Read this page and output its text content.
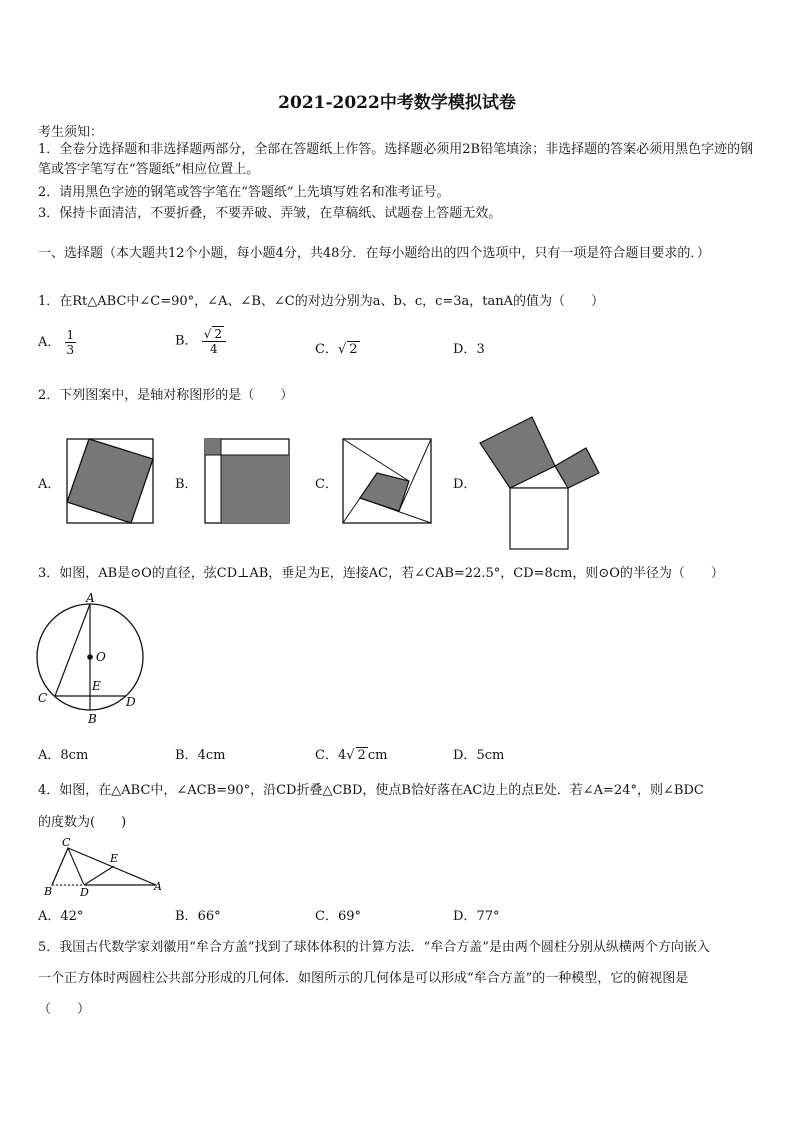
2021-2022中考数学模拟试卷
考生须知：
1．全卷分选择题和非选择题两部分，全部在答题纸上作答。选择题必须用2B铅笔填涂；非选择题的答案必须用黑色字迹的钢笔或答字笔写在“答题纸”相应位置上。
2．请用黑色字迹的钢笔或答字笔在“答题纸”上先填写姓名和准考证号。
3．保持卡面清洁，不要折叠，不要弄破、弄皱，在草稿纸、试题卷上答题无效。
一、选择题（本大题共12个小题，每小题4分，共48分．在每小题给出的四个选项中，只有一项是符合题目要求的．）
1．在Rt△ABC中∠C=90°，∠A、∠B、∠C的对边分别为a、b、c，c=3a，tanA的值为（　　）
A． $\frac{1}{3}$	B． $\frac{√ 2}{4}$	C．√ 2	D．3
2．下列图案中，是轴对称图形的是（　　）
A．	B．	C．	D．
3．如图，AB是⊙O的直径，弦CD⊥AB，垂足为E，连接AC，若∠CAB=22.5°，CD=8cm，则⊙O的半径为（　　）
A
O
E
C	D
B
A．8cm	B．4cm	C．4√ 2 cm	D．5cm
4．如图，在△ABC中，∠ACB=90°，沿CD折叠△CBD，使点B恰好落在AC边上的点E处．若∠A=24°，则∠BDC
的度数为(　　)
C
E
B	D	A
A．42°	B．66°	C．69°	D．77°
5．我国古代数学家刘徽用“牟合方盖”找到了球体体积的计算方法．“牟合方盖”是由两个圆柱分别从纵横两个方向嵌入
一个正方体时两圆柱公共部分形成的几何体．如图所示的几何体是可以形成“牟合方盖”的一种模型，它的俯视图是
（　　）
